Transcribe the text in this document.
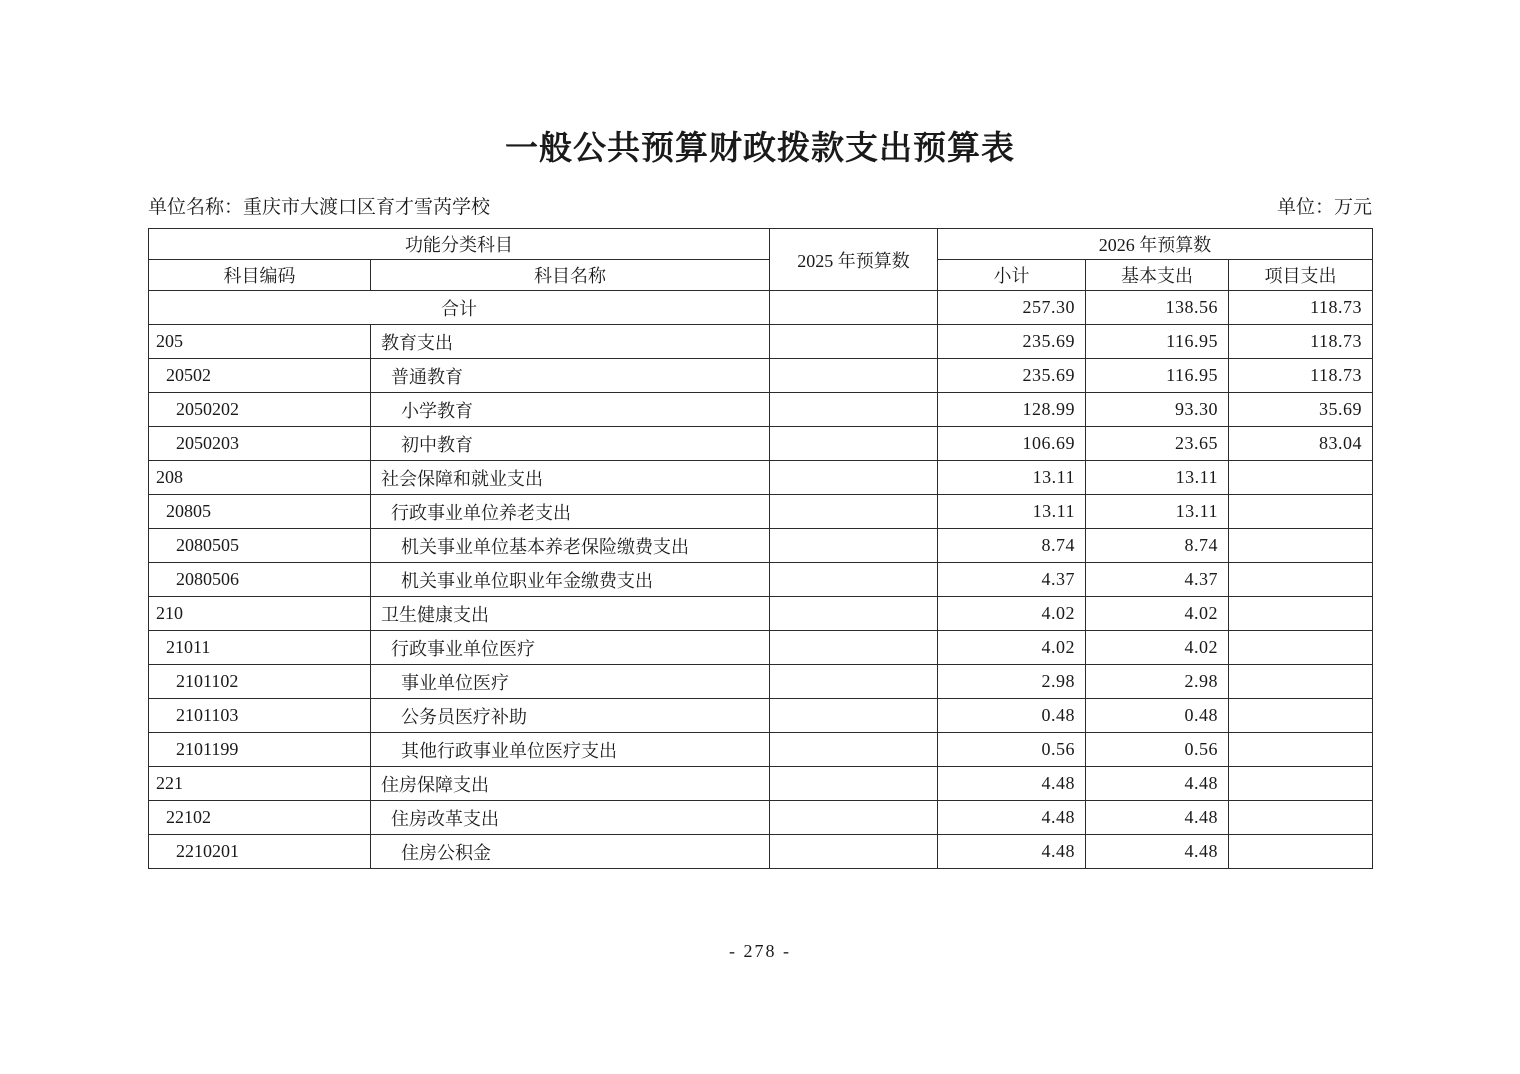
一般公共预算财政拨款支出预算表
单位名称：重庆市大渡口区育才雪芮学校	单位：万元
功能分类科目		2025 年预算数	2026 年预算数		
科目编码	科目名称		小计	基本支出	项目支出
合计			257.30	138.56	118.73
205	教育支出		235.69	116.95	118.73
20502	普通教育		235.69	116.95	118.73
2050202	小学教育		128.99	93.30	35.69
2050203	初中教育		106.69	23.65	83.04
208	社会保障和就业支出		13.11	13.11	
20805	行政事业单位养老支出		13.11	13.11	
2080505	机关事业单位基本养老保险缴费支出		8.74	8.74	
2080506	机关事业单位职业年金缴费支出		4.37	4.37	
210	卫生健康支出		4.02	4.02	
21011	行政事业单位医疗		4.02	4.02	
2101102	事业单位医疗		2.98	2.98	
2101103	公务员医疗补助		0.48	0.48	
2101199	其他行政事业单位医疗支出		0.56	0.56	
221	住房保障支出		4.48	4.48	
22102	住房改革支出		4.48	4.48	
2210201	住房公积金		4.48	4.48	
- 278 -
